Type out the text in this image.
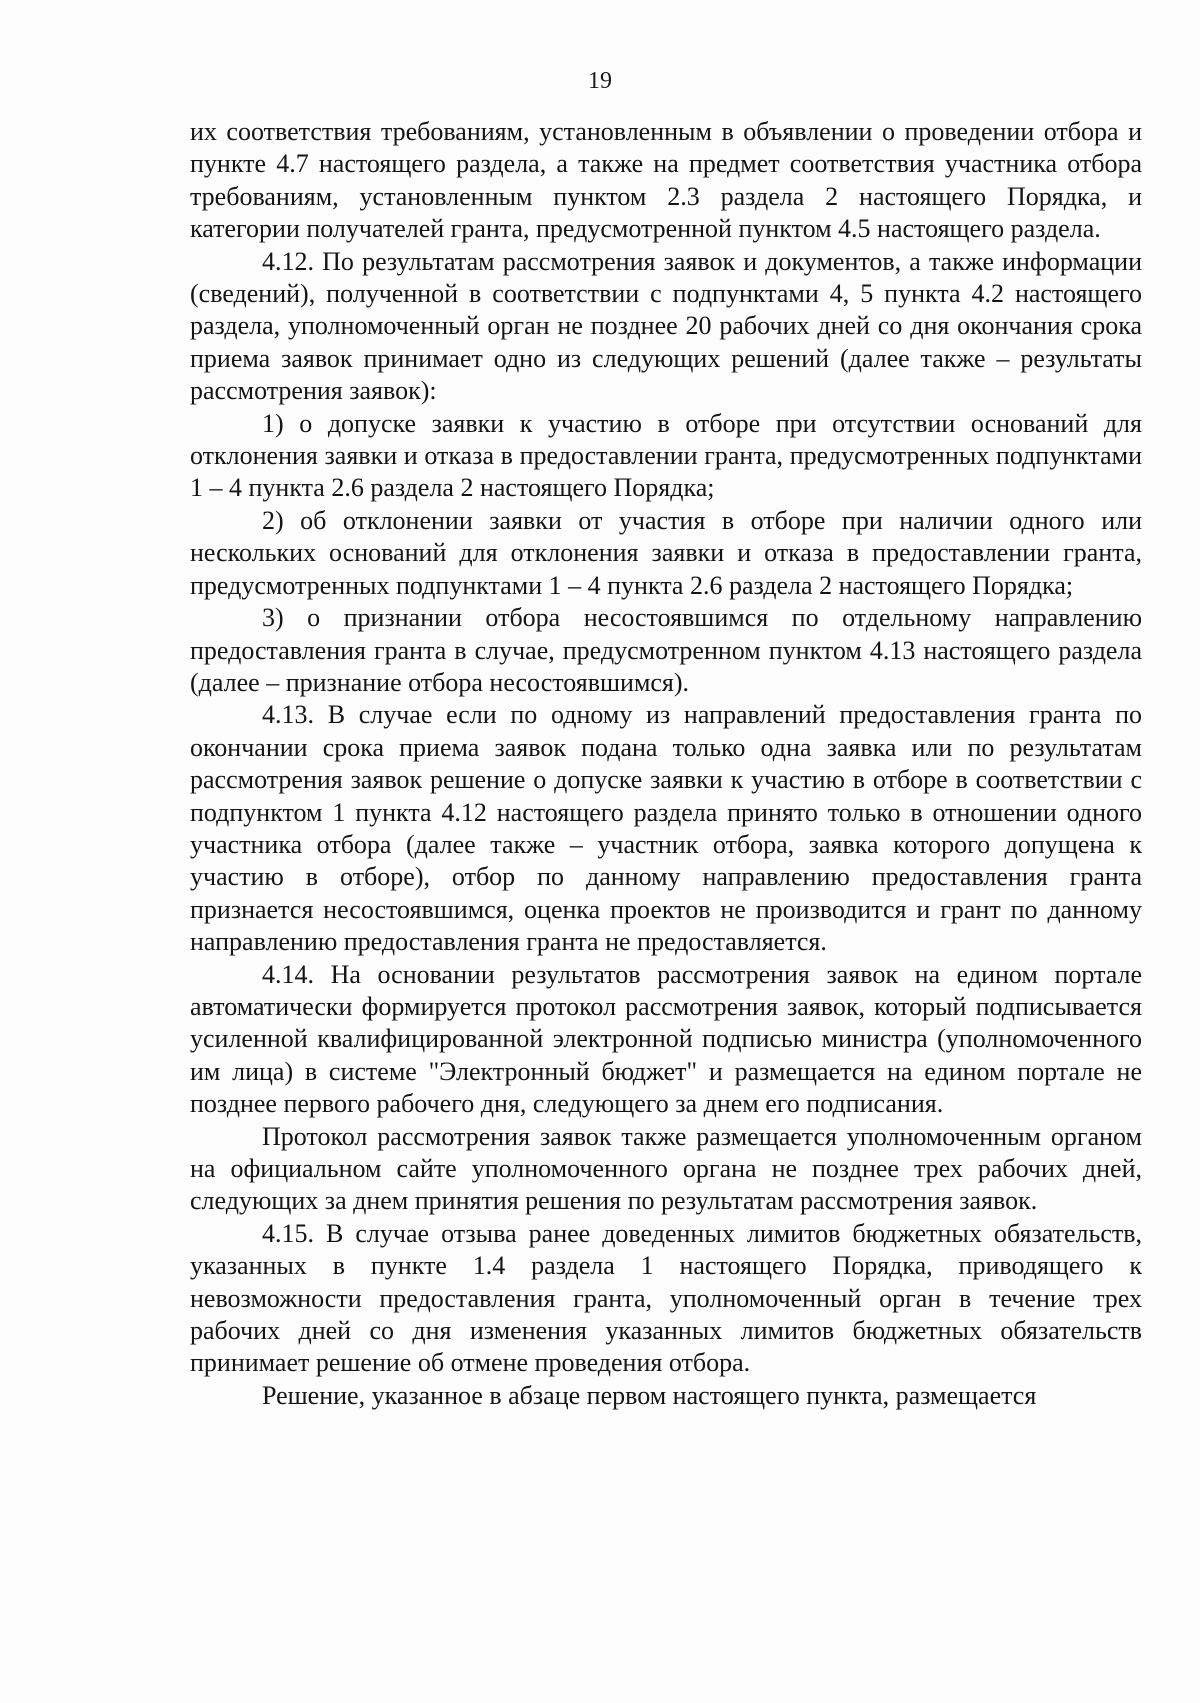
19

их соответствия требованиям, установленным в объявлении о проведении отбора и пункте 4.7 настоящего раздела, а также на предмет соответствия участника отбора требованиям, установленным пунктом 2.3 раздела 2 настоящего Порядка, и категории получателей гранта, предусмотренной пунктом 4.5 настоящего раздела.

4.12. По результатам рассмотрения заявок и документов, а также информации (сведений), полученной в соответствии с подпунктами 4, 5 пункта 4.2 настоящего раздела, уполномоченный орган не позднее 20 рабочих дней со дня окончания срока приема заявок принимает одно из следующих решений (далее также – результаты рассмотрения заявок):

1) о допуске заявки к участию в отборе при отсутствии оснований для отклонения заявки и отказа в предоставлении гранта, предусмотренных подпунктами 1 – 4 пункта 2.6 раздела 2 настоящего Порядка;

2) об отклонении заявки от участия в отборе при наличии одного или нескольких оснований для отклонения заявки и отказа в предоставлении гранта, предусмотренных подпунктами 1 – 4 пункта 2.6 раздела 2 настоящего Порядка;

3) о признании отбора несостоявшимся по отдельному направлению предоставления гранта в случае, предусмотренном пунктом 4.13 настоящего раздела (далее – признание отбора несостоявшимся).

4.13. В случае если по одному из направлений предоставления гранта по окончании срока приема заявок подана только одна заявка или по результатам рассмотрения заявок решение о допуске заявки к участию в отборе в соответствии с подпунктом 1 пункта 4.12 настоящего раздела принято только в отношении одного участника отбора (далее также – участник отбора, заявка которого допущена к участию в отборе), отбор по данному направлению предоставления гранта признается несостоявшимся, оценка проектов не производится и грант по данному направлению предоставления гранта не предоставляется.

4.14. На основании результатов рассмотрения заявок на едином портале автоматически формируется протокол рассмотрения заявок, который подписывается усиленной квалифицированной электронной подписью министра (уполномоченного им лица) в системе "Электронный бюджет" и размещается на едином портале не позднее первого рабочего дня, следующего за днем его подписания.

Протокол рассмотрения заявок также размещается уполномоченным органом на официальном сайте уполномоченного органа не позднее трех рабочих дней, следующих за днем принятия решения по результатам рассмотрения заявок.

4.15. В случае отзыва ранее доведенных лимитов бюджетных обязательств, указанных в пункте 1.4 раздела 1 настоящего Порядка, приводящего к невозможности предоставления гранта, уполномоченный орган в течение трех рабочих дней со дня изменения указанных лимитов бюджетных обязательств принимает решение об отмене проведения отбора.

Решение, указанное в абзаце первом настоящего пункта, размещается
